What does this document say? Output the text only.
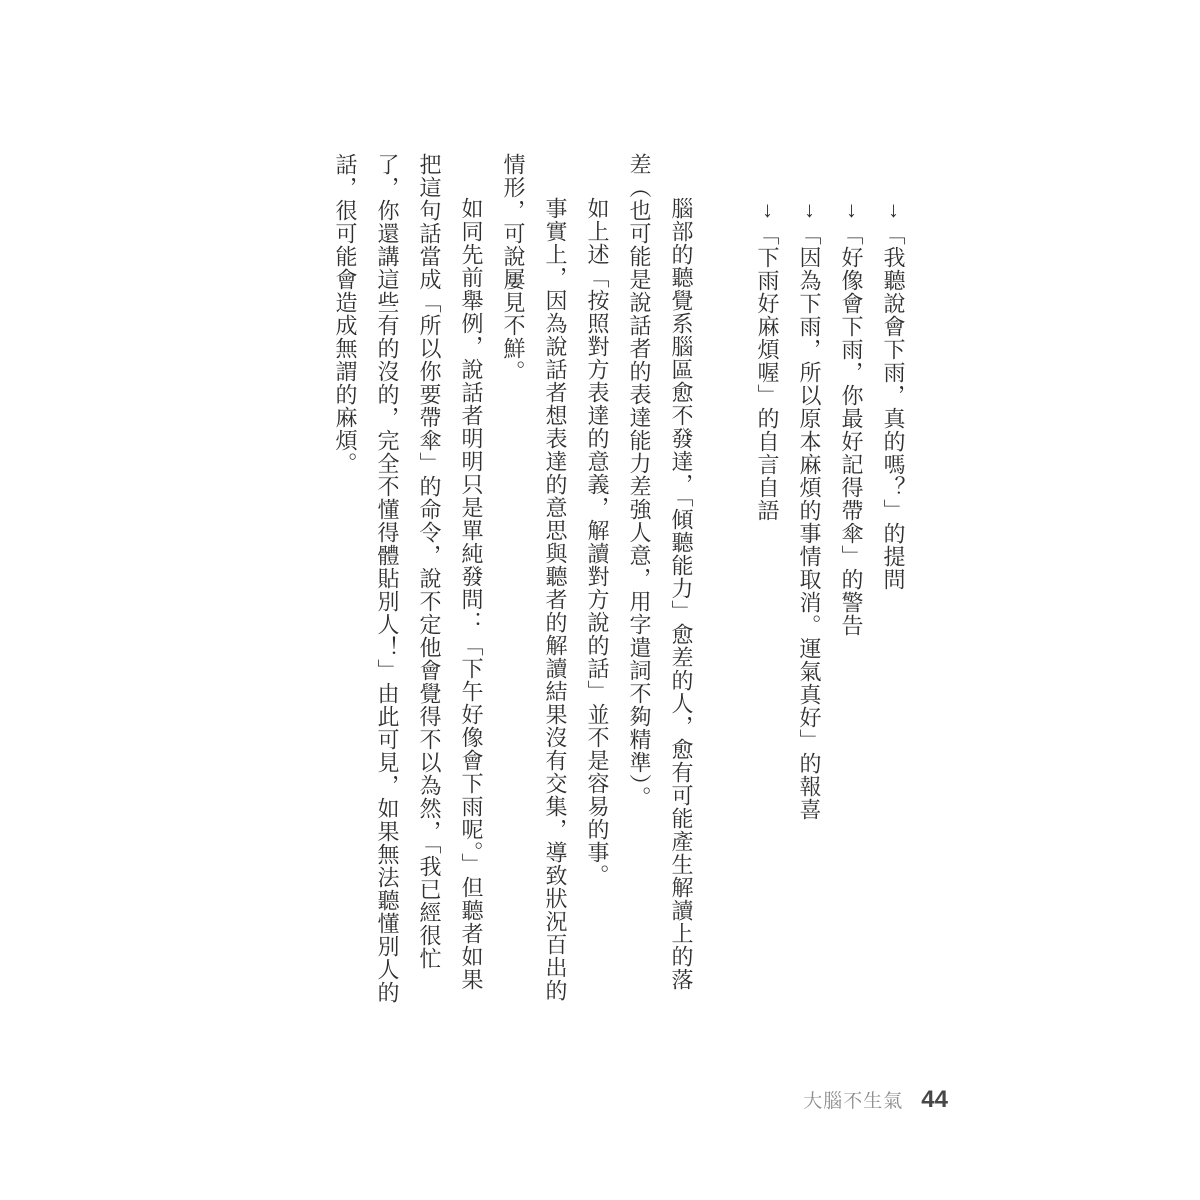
↓「我聽說會下雨，真的嗎？」的提問

↓「好像會下雨，你最好記得帶傘」的警告

↓「因為下雨，所以原本麻煩的事情取消。運氣真好」的報喜

↓「下雨好麻煩喔」的自言自語

腦部的聽覺系腦區愈不發達，「傾聽能力」愈差的人，愈有可能產生解讀上的落

差（也可能是說話者的表達能力差強人意，用字遣詞不夠精準）。

如上述「按照對方表達的意義，解讀對方說的話」並不是容易的事。

事實上，因為說話者想表達的意思與聽者的解讀結果沒有交集，導致狀況百出的

情形，可說屢見不鮮。

如同先前舉例，說話者明明只是單純發問：「下午好像會下雨呢。」但聽者如果

把這句話當成「所以你要帶傘」的命令，說不定他會覺得不以為然，「我已經很忙

了，你還講這些有的沒的，完全不懂得體貼別人！」由此可見，如果無法聽懂別人的

話，很可能會造成無謂的麻煩。

大腦不生氣 44
